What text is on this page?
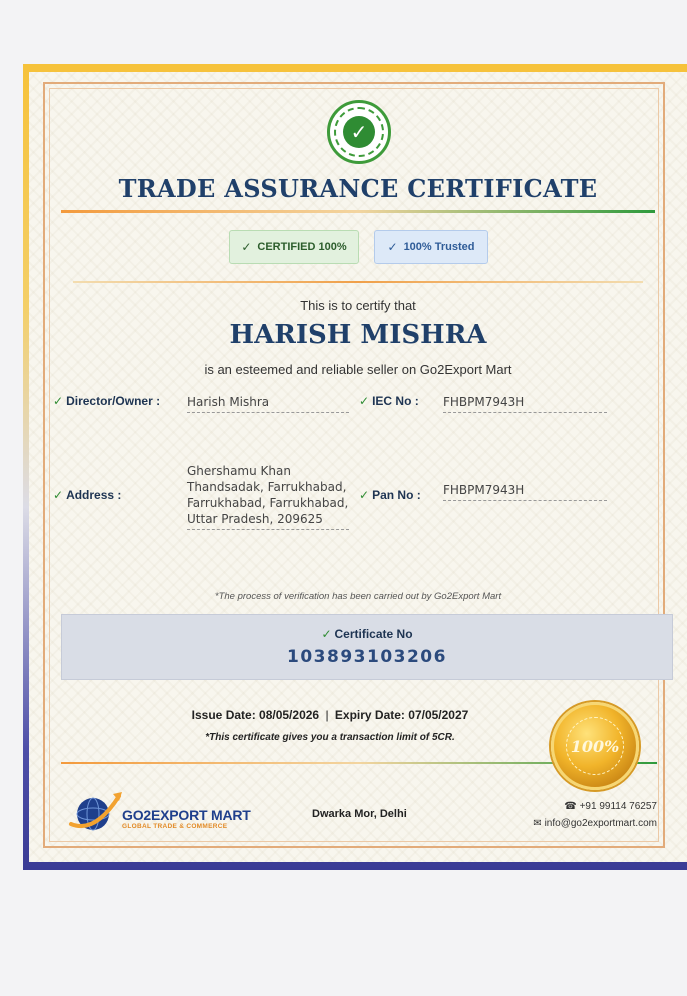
✓
TRADE ASSURANCE CERTIFICATE
✓ CERTIFIED 100%	✓ 100% Trusted
This is to certify that
HARISH MISHRA
is an esteemed and reliable seller on Go2Export Mart
✓ Director/Owner : Harish Mishra	✓ IEC No : FHBPM7943H
✓ Address :
Ghershamu Khan
Thandsadak, Farrukhabad,
Farrukhabad, Farrukhabad,
Uttar Pradesh, 209625
✓ Pan No : FHBPM7943H
*The process of verification has been carried out by Go2Export Mart
✓ Certificate No
103893103206
Issue Date: 08/05/2026 | Expiry Date: 07/05/2027
*This certificate gives you a transaction limit of 5CR.	100%
GO2EXPORT MART
GLOBAL TRADE & COMMERCE
Dwarka Mor, Delhi
☎ +91 99114 76257
✉ info@go2exportmart.com
